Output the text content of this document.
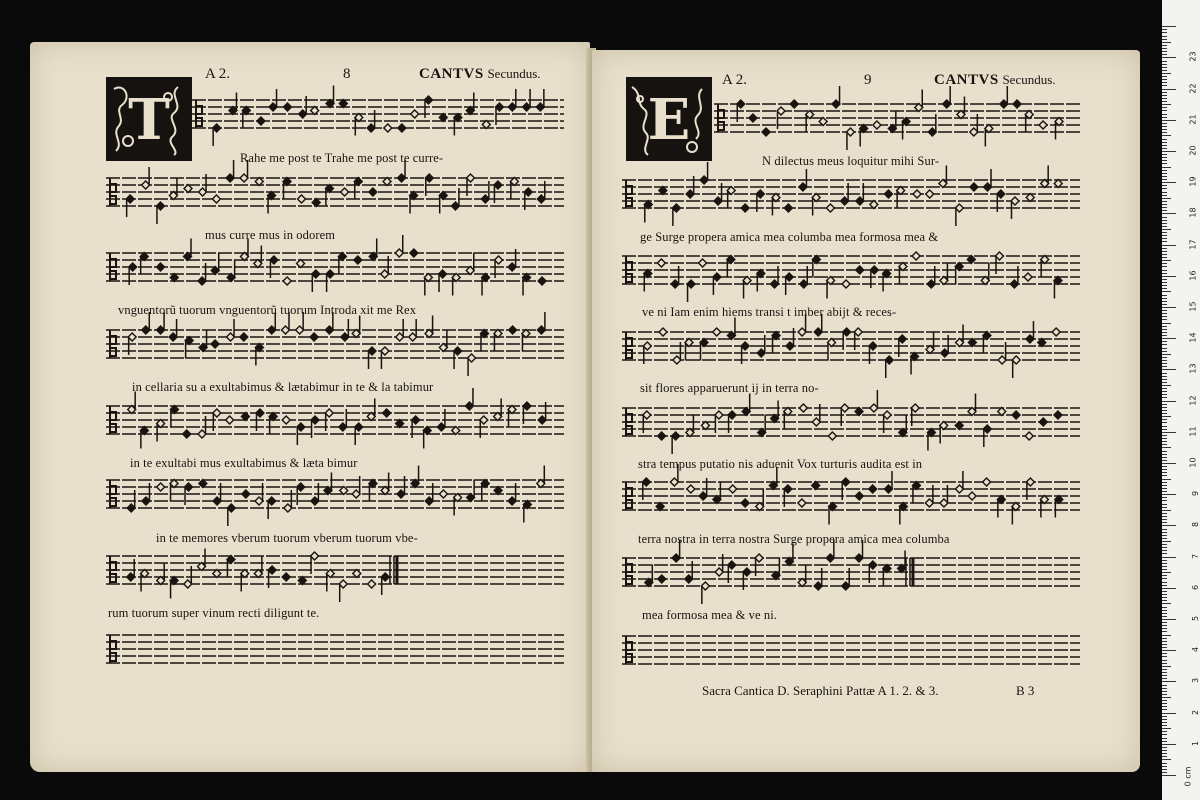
A 2.	8	CANTVS Secundus.
T
Rahe me post te Trahe me post te curre-
mus curre mus in odorem
vnguentorũ tuorum vnguentorũ tuorum Introda xit me Rex
in cellaria su a exultabimus & lætabimur in te & la tabimur
in te exultabi mus exultabimus & læta bimur
in te memores vberum tuorum vberum tuorum vbe-
rum tuorum super vinum recti diligunt te.
A 2.	9	CANTVS Secundus.
E
N dilectus meus loquitur mihi Sur-
ge Surge propera amica mea columba mea formosa mea &
ve ni Iam enim hiems transi t imber abijt & reces-
sit flores apparuerunt ij in terra no-
stra tempus putatio nis aduenit Vox turturis audita est in
terra nostra in terra nostra Surge propera amica mea columba
mea formosa mea & ve ni.
Sacra Cantica D. Seraphini Pattæ A 1. 2. & 3.	B 3
1
2
3
4
5
6
7
8
9
10
11
12
13
14
15
16
17
18
19
20
21
22
23
0 cm
